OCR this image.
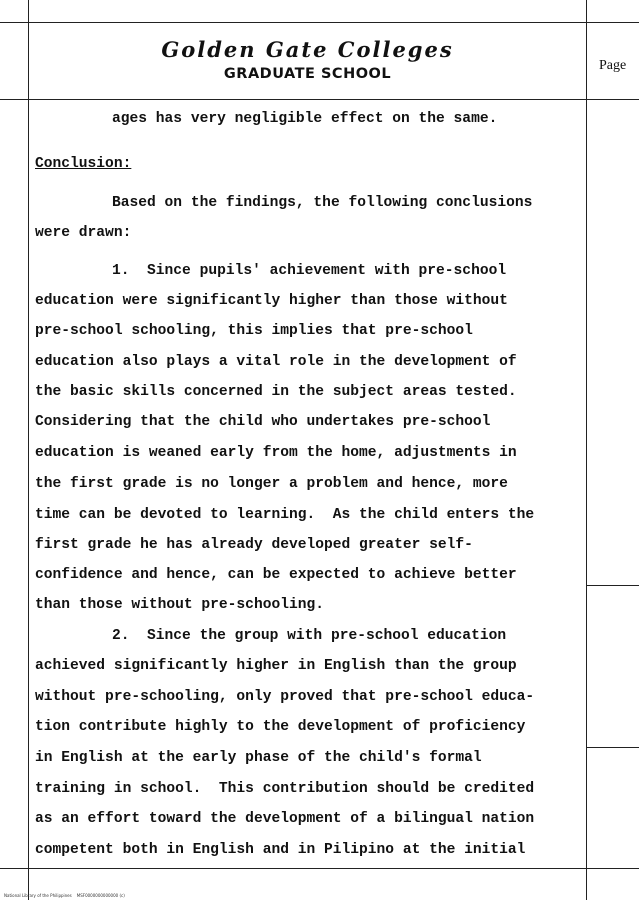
Golden Gate Colleges
GRADUATE SCHOOL
Page
ages has very negligible effect on the same.
Conclusion:
Based on the findings, the following conclusions
were drawn:
1.  Since pupils' achievement with pre-school
education were significantly higher than those without
pre-school schooling, this implies that pre-school
education also plays a vital role in the development of
the basic skills concerned in the subject areas tested.
Considering that the child who undertakes pre-school
education is weaned early from the home, adjustments in
the first grade is no longer a problem and hence, more
time can be devoted to learning.  As the child enters the
first grade he has already developed greater self-
confidence and hence, can be expected to achieve better
than those without pre-schooling.
2.  Since the group with pre-school education
achieved significantly higher in English than the group
without pre-schooling, only proved that pre-school educa-
tion contribute highly to the development of proficiency
in English at the early phase of the child's formal
training in school.  This contribution should be credited
as an effort toward the development of a bilingual nation
competent both in English and in Pilipino at the initial
National Library of the Philippines    MSF0000000000000 (c)
